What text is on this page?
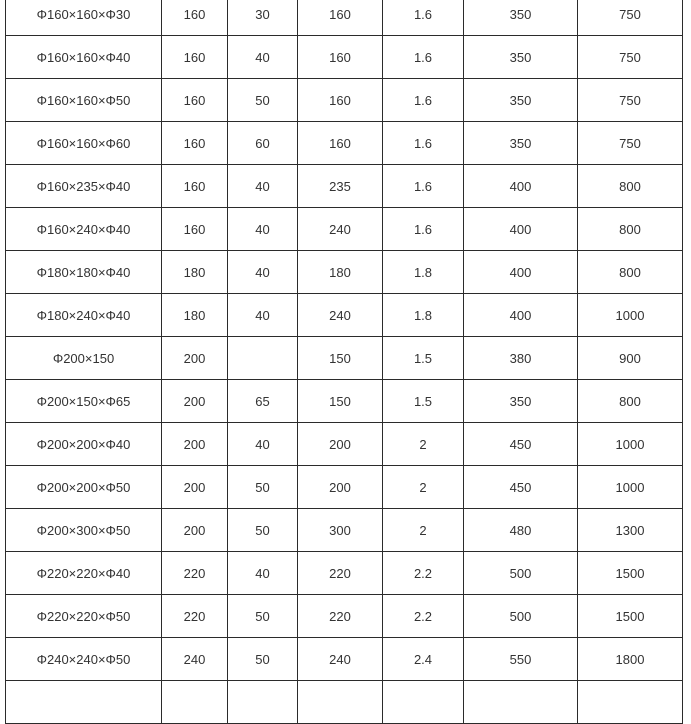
Φ160×160×Φ30	160	30	160	1.6	350	750
Φ160×160×Φ40	160	40	160	1.6	350	750
Φ160×160×Φ50	160	50	160	1.6	350	750
Φ160×160×Φ60	160	60	160	1.6	350	750
Φ160×235×Φ40	160	40	235	1.6	400	800
Φ160×240×Φ40	160	40	240	1.6	400	800
Φ180×180×Φ40	180	40	180	1.8	400	800
Φ180×240×Φ40	180	40	240	1.8	400	1000
Φ200×150	200		150	1.5	380	900
Φ200×150×Φ65	200	65	150	1.5	350	800
Φ200×200×Φ40	200	40	200	2	450	1000
Φ200×200×Φ50	200	50	200	2	450	1000
Φ200×300×Φ50	200	50	300	2	480	1300
Φ220×220×Φ40	220	40	220	2.2	500	1500
Φ220×220×Φ50	220	50	220	2.2	500	1500
Φ240×240×Φ50	240	50	240	2.4	550	1800
